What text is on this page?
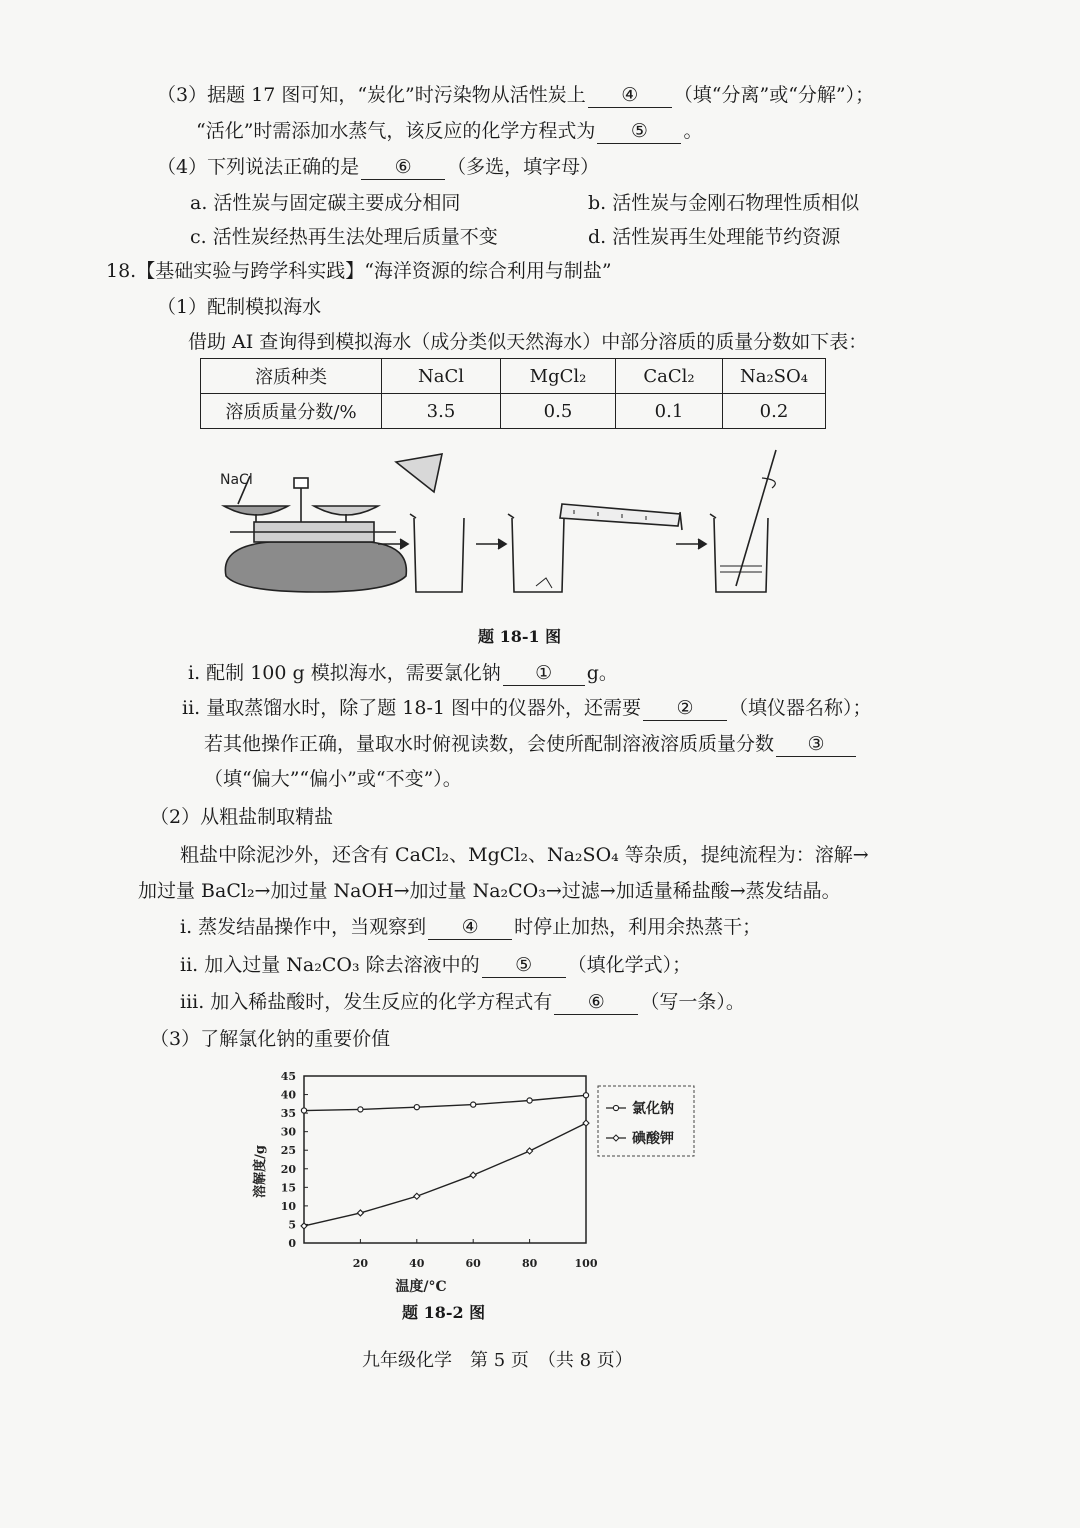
（3）据题 17 图可知，“炭化”时污染物从活性炭上 ④ （填“分离”或“分解”）；
“活化”时需添加水蒸气，该反应的化学方程式为 ⑤ 。
（4）下列说法正确的是 ⑥ （多选，填字母）
a. 活性炭与固定碳主要成分相同	b. 活性炭与金刚石物理性质相似
c. 活性炭经热再生法处理后质量不变	d. 活性炭再生处理能节约资源
18.【基础实验与跨学科实践】“海洋资源的综合利用与制盐”
（1）配制模拟海水
借助 AI 查询得到模拟海水（成分类似天然海水）中部分溶质的质量分数如下表：
溶质种类	NaCl	MgCl₂	CaCl₂	Na₂SO₄
溶质质量分数/%	3.5	0.5	0.1	0.2
NaCl
题 18-1 图
i. 配制 100 g 模拟海水，需要氯化钠 ① g。
ii. 量取蒸馏水时，除了题 18-1 图中的仪器外，还需要 ② （填仪器名称）；
若其他操作正确，量取水时俯视读数，会使所配制溶液溶质质量分数 ③
（填“偏大”“偏小”或“不变”）。
（2）从粗盐制取精盐
粗盐中除泥沙外，还含有 CaCl₂、MgCl₂、Na₂SO₄ 等杂质，提纯流程为：溶解→
加过量 BaCl₂→加过量 NaOH→加过量 Na₂CO₃→过滤→加适量稀盐酸→蒸发结晶。
i. 蒸发结晶操作中，当观察到 ④ 时停止加热，利用余热蒸干；
ii. 加入过量 Na₂CO₃ 除去溶液中的 ⑤ （填化学式）；
iii. 加入稀盐酸时，发生反应的化学方程式有 ⑥ （写一条）。
（3）了解氯化钠的重要价值
0
5
10
15
20
25
30
35
40
45
20	40	60	80	100
温度/°C
溶解度/g
氯化钠
碘酸钾
题 18-2 图
九年级化学　第 5 页　（共 8 页）
